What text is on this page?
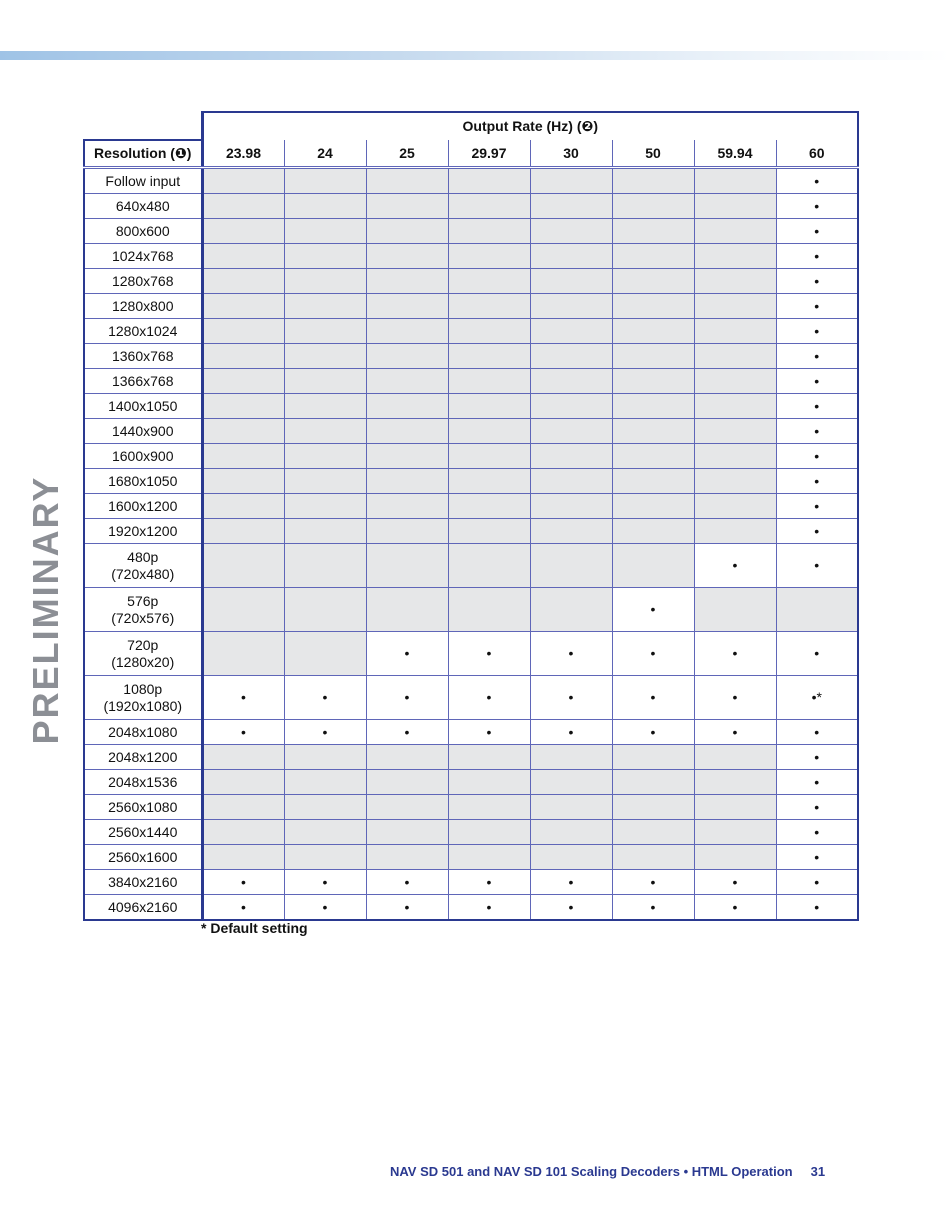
PRELIMINARY
	Output Rate (Hz) (❷)							
Resolution (❶)	23.98	24	25	29.97	30	50	59.94	60

Follow input								•

640x480								•

800x600								•

1024x768								•

1280x768								•

1280x800								•

1280x1024								•

1360x768								•

1366x768								•

1400x1050								•

1440x900								•

1600x900								•

1680x1050								•

1600x1200								•

1920x1200								•

480p
(720x480)							•	•

576p
(720x576)						•		

720p
(1280x20)			•	•	•	•	•	•

1080p
(1920x1080)	•	•	•	•	•	•	•	•*

2048x1080	•	•	•	•	•	•	•	•

2048x1200								•

2048x1536								•

2560x1080								•

2560x1440								•

2560x1600								•

3840x2160	•	•	•	•	•	•	•	•

4096x2160	•	•	•	•	•	•	•	•
* Default setting
NAV SD 501 and NAV SD 101 Scaling Decoders • HTML Operation 31
